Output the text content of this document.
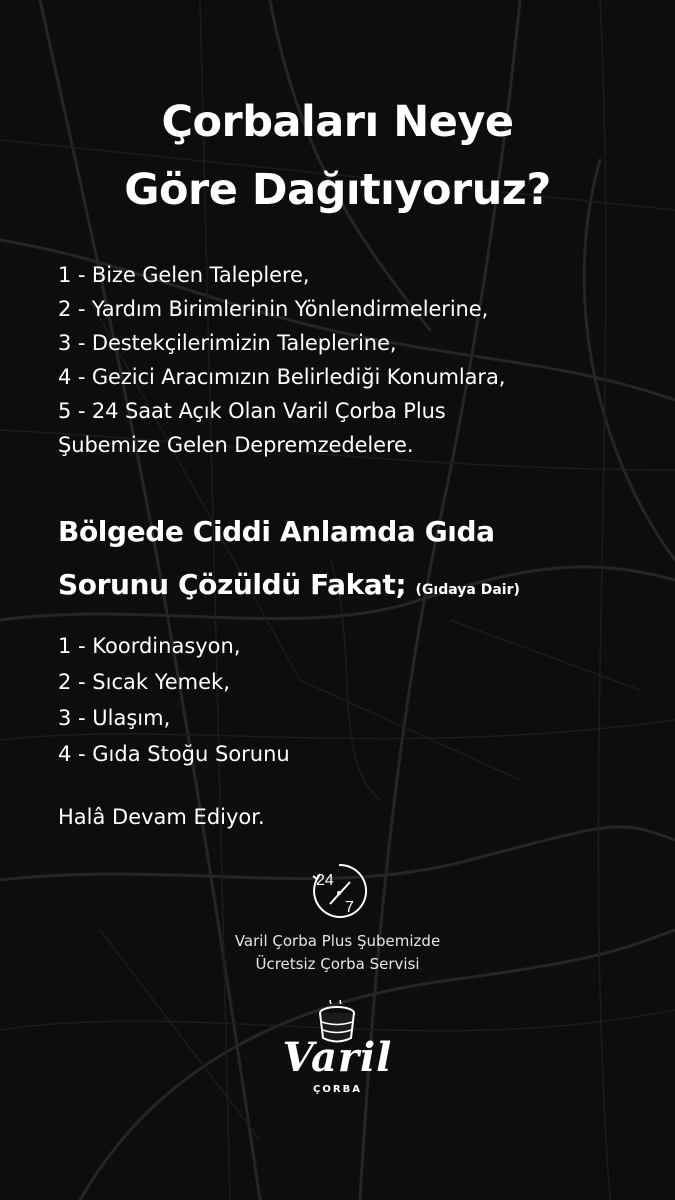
Çorbaları Neye
Göre Dağıtıyoruz?
1 - Bize Gelen Taleplere,
2 - Yardım Birimlerinin Yönlendirmelerine,
3 - Destekçilerimizin Taleplerine,
4 - Gezici Aracımızın Belirlediği Konumlara,
5 - 24 Saat Açık Olan Varil Çorba Plus
Şubemize Gelen Depremzedelere.
Bölgede Ciddi Anlamda Gıda
Sorunu Çözüldü Fakat; (Gıdaya Dair)
1 - Koordinasyon,
2 - Sıcak Yemek,
3 - Ulaşım,
4 - Gıda Stoğu Sorunu
Halâ Devam Ediyor.
24
7
Varil Çorba Plus Şubemizde
Ücretsiz Çorba Servisi
Varil
ÇORBA
